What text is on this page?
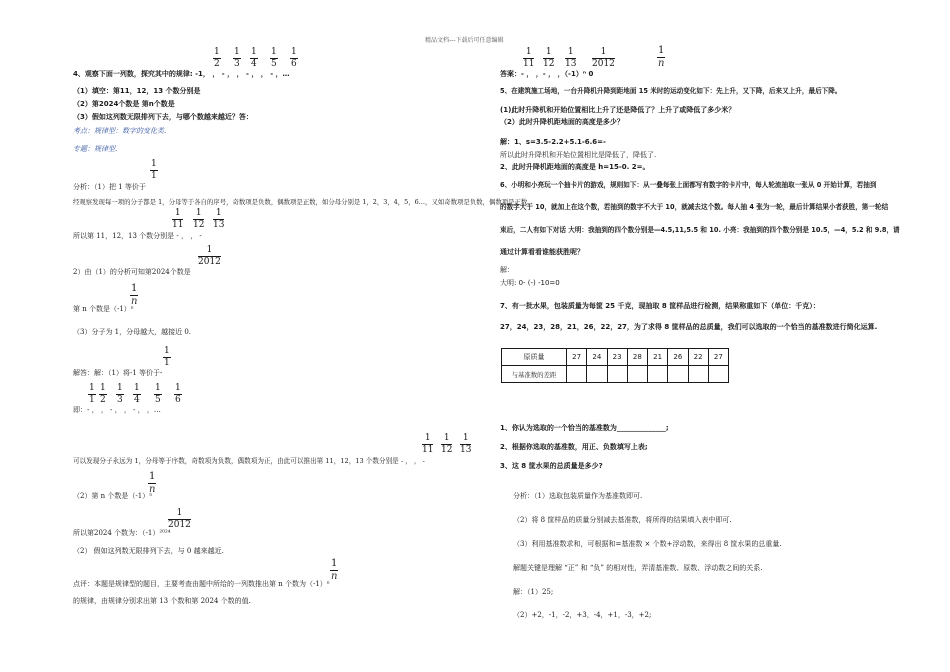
精品文档---下载后可任意编辑
1
2
1
3
1
4
1
5
1
6
4、观察下面一列数，探究其中的规律: -1， ， - ， ， - ， ， - ，…
（1）填空：第11，12，13 个数分别是
（2）第2024个数是 第n个数是
（3）假如这列数无限排列下去，与哪个数越来越近？答：
考点：规律型：数字的变化类.
专题：规律型.
1
1
分析：（1）把 1 等价于
经观察发现每一项的分子都是 1，分母等于各自的序号，奇数项是负数，偶数项是正数，如分母分别是 1，2，3，4，5，6…，又如奇数项是负数，偶数项是正数，
1
11
1
12
1
13
所以第 11，12，13 个数分别是 - ， ， -
1
2012
2）由（1）的分析可知第2024个数是
1
n
第 n 个数是（-1）ⁿ
（3）分子为 1，分母越大，越接近 0.
1
1
解答：解：（1）将-1 等价于-
1
1
1
2
1
3
1
4
1
5
1
6
即：- ， ， - ， ， - ， ，…
1
11
1
12
1
13
可以发现分子永远为 1，分母等于序数，奇数项为负数，偶数项为正，由此可以推出第 11，12，13 个数分别是 - ， ， -
1
n
（2）第 n 个数是（-1）ⁿ
1
2012
所以第2024 个数为：（-1）²⁰²⁴
（2） 假如这列数无限排列下去，与 0 越来越近.
1
n
点评：本题是规律型的题目，主要考查由题中所给的一列数推出第 n 个数为（-1）ⁿ
的规律，由规律分别求出第 13 个数和第 2024 个数的值.
1
11
1
12
1
13
1
2012
1
n
答案：- ， ，- ， ，（-1）ⁿ 0
5、在建筑施工场地，一台升降机升降到距地面 15 米时的运动变化如下：先上升，又下降，后来又上升，最后下降。
(1)此时升降机和开始位置相比上升了还是降低了？上升了或降低了多少米？
（2）此时升降机距地面的高度是多少？
解：1、s=3.5-2.2+5.1-6.6=-
所以此时升降机和开始位置相比是降低了，降低了.
2、此时升降机距地面的高度是 h=15-0. 2=。
6、小明和小亮玩一个抽卡片的游戏，规则如下：从一叠每张上面都写有数字的卡片中，每人轮流抽取一张从 0 开始计算，若抽到
的数字大于 10，就加上在这个数，若抽到的数字不大于 10，就减去这个数。每人抽 4 张为一轮，最后计算结果小者获胜，第一轮结
束后，二人有如下对话 大明：我抽到的四个数分别是—4.5,11,5.5 和 10. 小亮：我抽到的四个数分别是 10.5，—4，5.2 和 9.8，请
通过计算看看谁能获胜呢？
解：
大明: 0- (-) -10=0
7、有一批水果，包装质量为每筐 25 千克，现抽取 8 筐样品进行检测，结果称重如下（单位：千克）：
27，24，23，28，21，26，22，27，为了求得 8 筐样品的总质量，我们可以选取的一个恰当的基准数进行简化运算.
原质量	27	24	23	28	21	26	22	27
与基准数的差距								
1、你认为选取的一个恰当的基准数为______________;
2、根据你选取的基准数，用正、负数填写上表;
3、这 8 筐水果的总质量是多少?
分析：（1）选取包装质量作为基准数即可.
（2）将 8 筐样品的质量分别减去基准数，将所得的结果填入表中即可.
（3）利用基准数求和，可根据和=基准数 × 个数+浮动数，来得出 8 筐水果的总重量.
解题关键是理解 “正” 和 “负” 的相对性，弄清基准数、原数、浮动数之间的关系.
解：（1）25;
（2）+2，-1，-2，+3，-4，+1，-3，+2;
